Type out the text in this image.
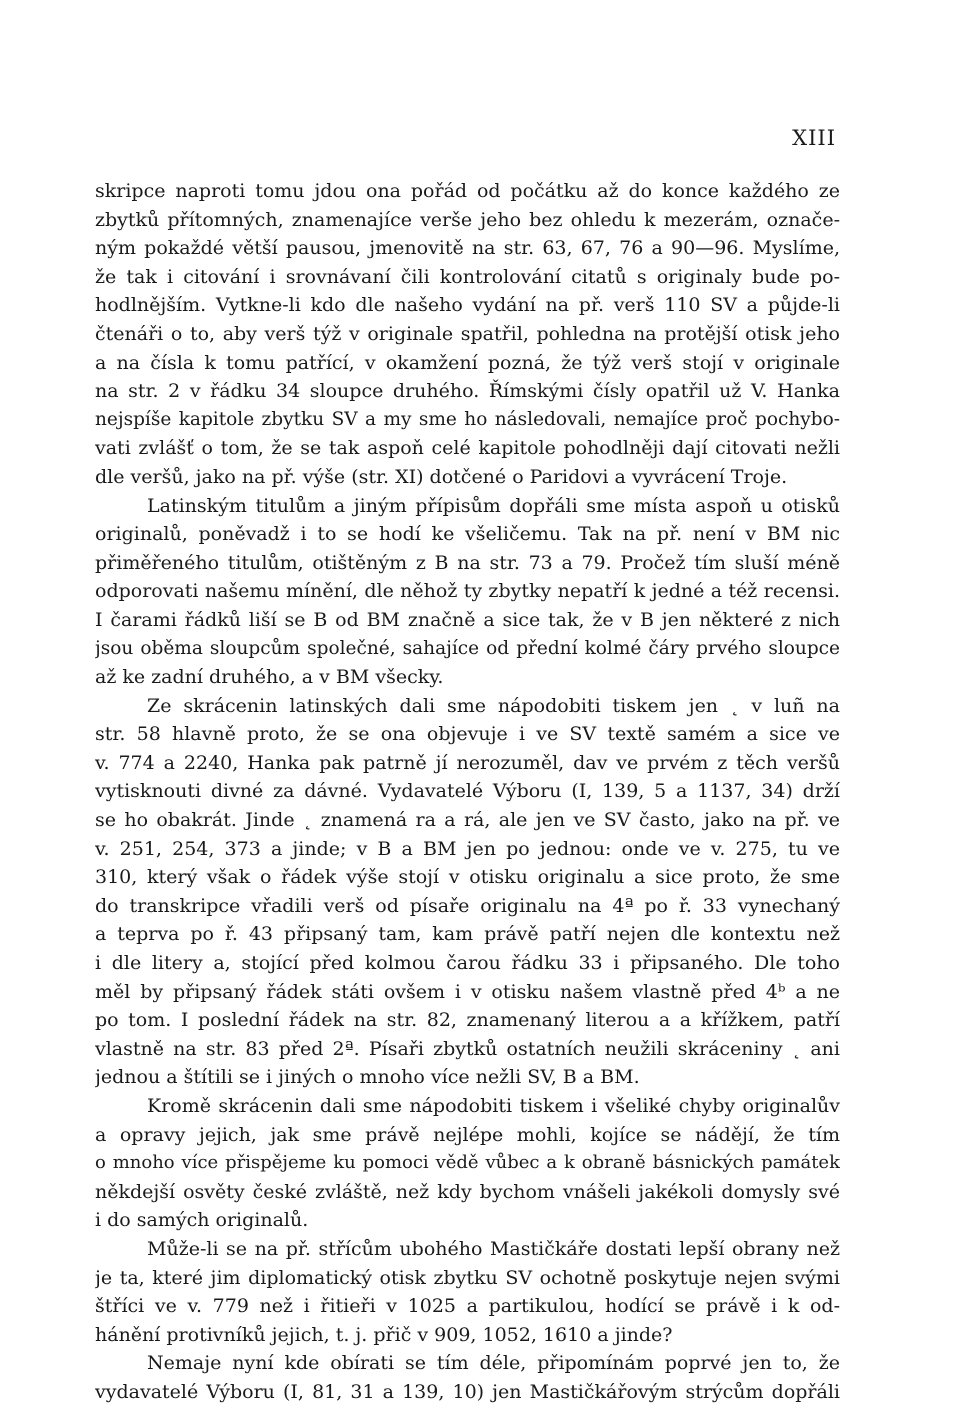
XIII
skripce naproti tomu jdou ona pořád od počátku až do konce každého ze
zbytků přítomných, znamenajíce verše jeho bez ohledu k mezerám, označe-
ným pokaždé větší pausou, jmenovitě na str. 63, 67, 76 a 90—96. Myslíme,
že tak i citování i srovnávaní čili kontrolování citatů s originaly bude po-
hodlnějším. Vytkne-li kdo dle našeho vydání na př. verš 110 SV a půjde-li
čtenáři o to, aby verš týž v originale spatřil, pohledna na protější otisk jeho
a na čísla k tomu patřící, v okamžení pozná, že týž verš stojí v originale
na str. 2 v řádku 34 sloupce druhého. Římskými čísly opatřil už V. Hanka
nejspíše kapitole zbytku SV a my sme ho následovali, nemajíce proč pochybo-
vati zvlášť o tom, že se tak aspoň celé kapitole pohodlněji dají citovati nežli
dle veršů, jako na př. výše (str. XI) dotčené o Paridovi a vyvrácení Troje.
Latinským titulům a jiným přípisům dopřáli sme místa aspoň u otisků
originalů, poněvadž i to se hodí ke všeličemu. Tak na př. není v BM nic
přiměřeného titulům, otištěným z B na str. 73 a 79. Pročež tím sluší méně
odporovati našemu mínění, dle něhož ty zbytky nepatří k jedné a též recensi.
I čarami řádků liší se B od BM značně a sice tak, že v B jen některé z nich
jsou oběma sloupcům společné, sahajíce od přední kolmé čáry prvého sloupce
až ke zadní druhého, a v BM všecky.
Ze skrácenin latinských dali sme nápodobiti tiskem jen ˛ v luñ na
str. 58 hlavně proto, že se ona objevuje i ve SV textě samém a sice ve
v. 774 a 2240, Hanka pak patrně jí nerozuměl, dav ve prvém z těch veršů
vytisknouti divné za dávné. Vydavatelé Výboru (I, 139, 5 a 1137, 34) drží
se ho obakrát. Jinde ˛ znamená ra a rá, ale jen ve SV často, jako na př. ve
v. 251, 254, 373 a jinde; v B a BM jen po jednou: onde ve v. 275, tu ve
310, který však o řádek výše stojí v otisku originalu a sice proto, že sme
do transkripce vřadili verš od písaře originalu na 4ª po ř. 33 vynechaný
a teprva po ř. 43 připsaný tam, kam právě patří nejen dle kontextu než
i dle litery a, stojící před kolmou čarou řádku 33 i připsaného. Dle toho
měl by připsaný řádek státi ovšem i v otisku našem vlastně před 4ᵇ a ne
po tom. I poslední řádek na str. 82, znamenaný literou a a křížkem, patří
vlastně na str. 83 před 2ª. Písaři zbytků ostatních neužili skráceniny ˛ ani
jednou a štítili se i jiných o mnoho více nežli SV, B a BM.
Kromě skrácenin dali sme nápodobiti tiskem i všeliké chyby originalův
a opravy jejich, jak sme právě nejlépe mohli, kojíce se nádějí, že tím
o mnoho více přispějeme ku pomoci vědě vůbec a k obraně básnických památek
někdejší osvěty české zvláště, než kdy bychom vnášeli jakékoli domysly své
i do samých originalů.
Může-li se na př. střícům ubohého Mastičkáře dostati lepší obrany než
je ta, které jim diplomatický otisk zbytku SV ochotně poskytuje nejen svými
štříci ve v. 779 než i řitieři v 1025 a partikulou, hodící se právě i k od-
hánění protivníků jejich, t. j. přič v 909, 1052, 1610 a jinde?
Nemaje nyní kde obírati se tím déle, připomínám poprvé jen to, že
vydavatelé Výboru (I, 81, 31 a 139, 10) jen Mastičkářovým strýcům dopřáli
